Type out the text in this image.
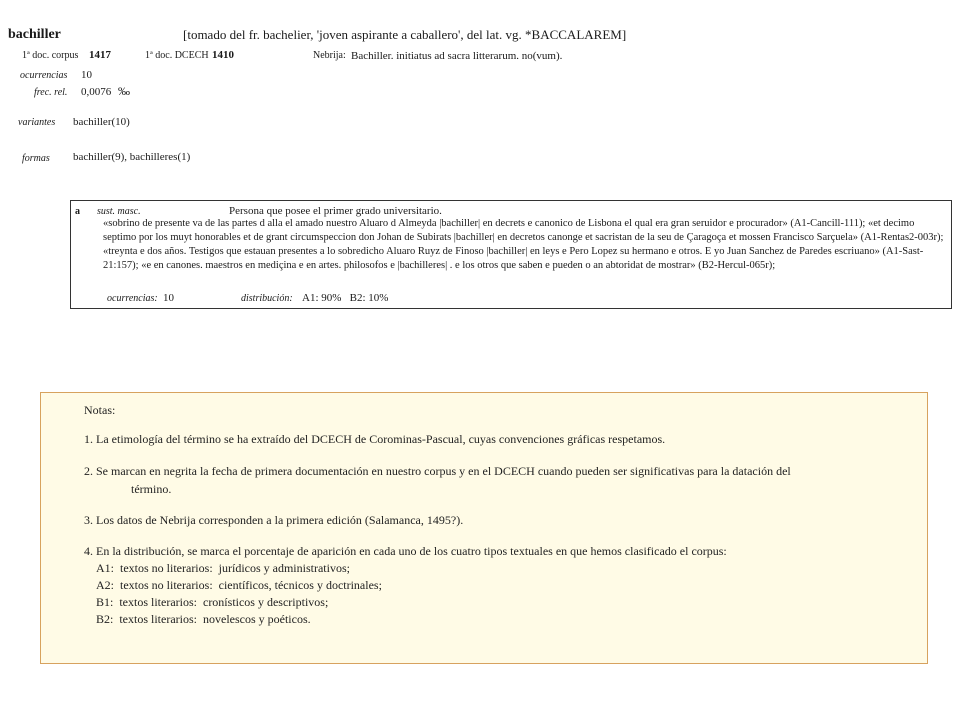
bachiller	[tomado del fr. bachelier, 'joven aspirante a caballero', del lat. vg. *BACCALAREM]
1ª doc. corpus 1417	1ª doc. DCECH 1410	Nebrija: Bachiller. initiatus ad sacra litterarum. no(vum).
ocurrencias 10
frec. rel. 0,0076 ‰
variantes bachiller(10)
formas bachiller(9), bachilleres(1)
a sust. masc.	Persona que posee el primer grado universitario.
«sobrino de presente va de las partes d alla el amado nuestro Aluaro d Almeyda |bachiller| en decrets e canonico de Lisbona el qual era gran seruidor e procurador» (A1-Cancill-111); «et decimo septimo por los muyt honorables et de grant circumspeccion don Johan de Subirats |bachiller| en decretos canonge et sacristan de la seu de Çaragoça et mossen Francisco Sarçuela» (A1-Rentas2-003r); «treynta e dos años. Testigos que estauan presentes a lo sobredicho Aluaro Ruyz de Finoso |bachiller| en leys e Pero Lopez su hermano e otros. E yo Juan Sanchez de Paredes escriuano» (A1-Sast-21:157); «e en canones. maestros en mediçina e en artes. philosofos e |bachilleres| . e los otros que saben e pueden o an abtoridat de mostrar» (B2-Hercul-065r);
ocurrencias: 10	distribución: A1: 90%   B2: 10%
Notas:
1. La etimología del término se ha extraído del DCECH de Corominas-Pascual, cuyas convenciones gráficas respetamos.
2. Se marcan en negrita la fecha de primera documentación en nuestro corpus y en el DCECH cuando pueden ser significativas para la datación del
término.
3. Los datos de Nebrija corresponden a la primera edición (Salamanca, 1495?).
4. En la distribución, se marca el porcentaje de aparición en cada uno de los cuatro tipos textuales en que hemos clasificado el corpus:
A1:  textos no literarios:  jurídicos y administrativos;
A2:  textos no literarios:  científicos, técnicos y doctrinales;
B1:  textos literarios:  cronísticos y descriptivos;
B2:  textos literarios:  novelescos y poéticos.
